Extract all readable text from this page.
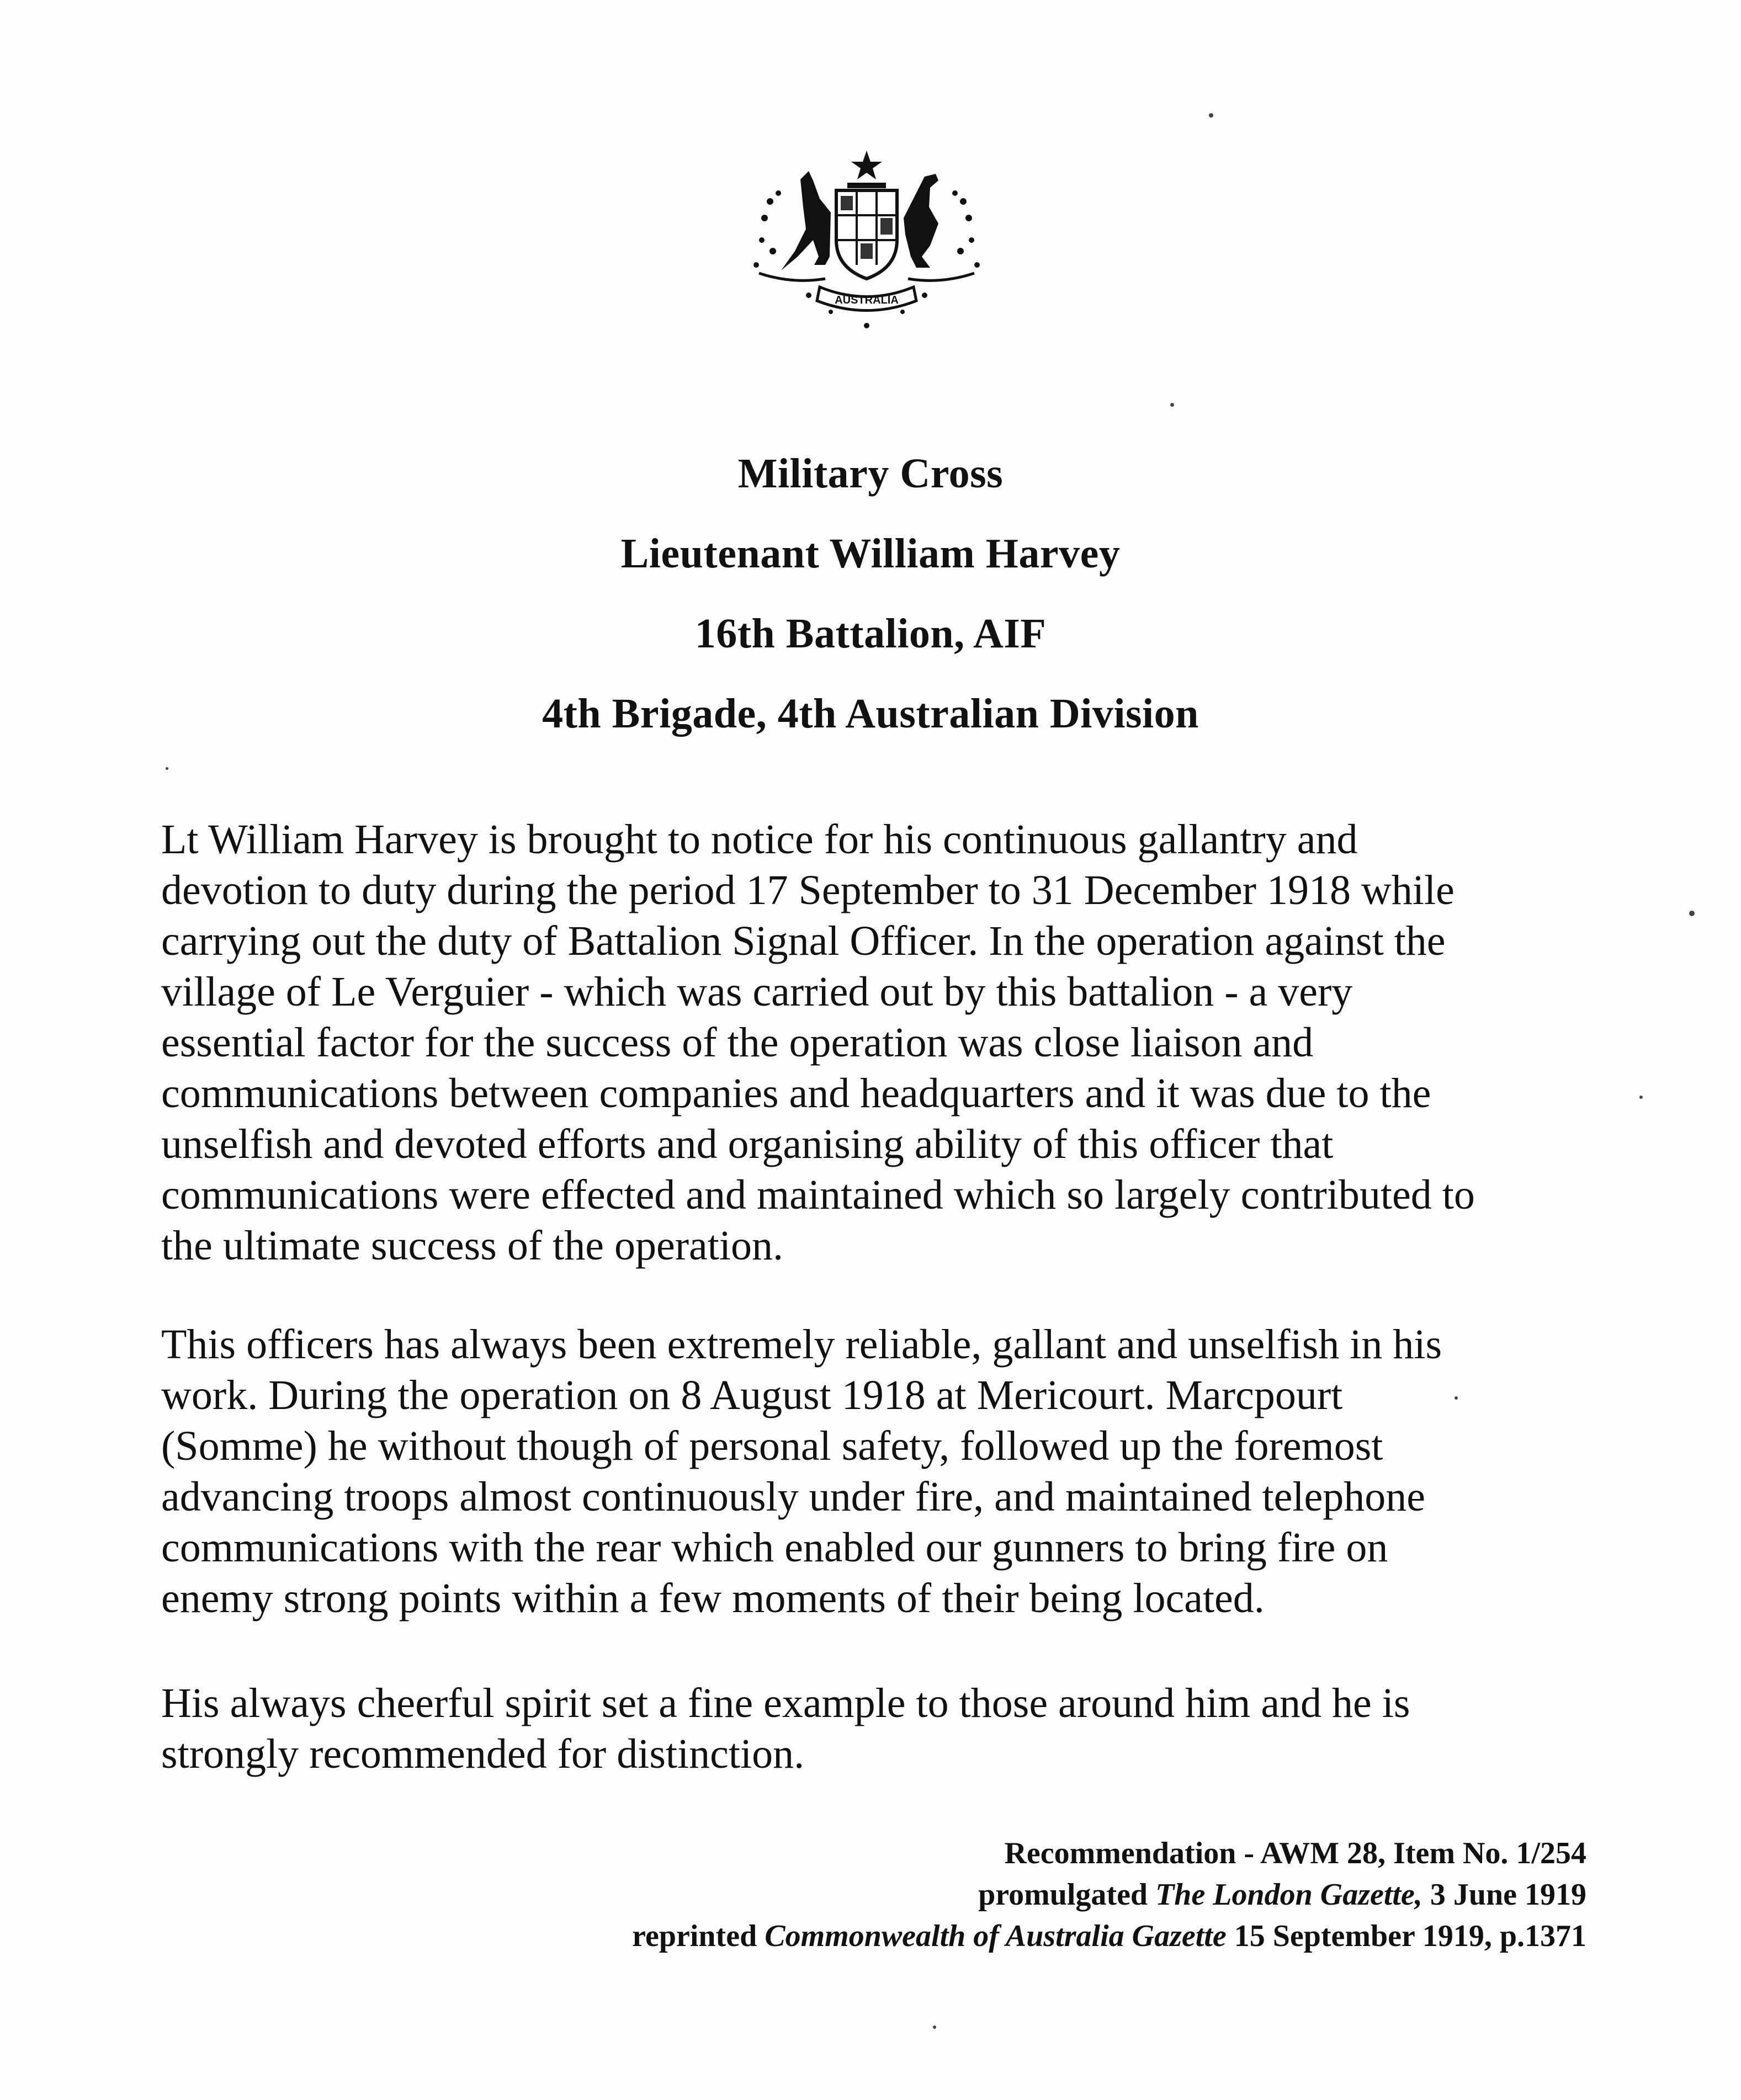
AUSTRALIA
Military Cross
Lieutenant William Harvey
16th Battalion, AIF
4th Brigade, 4th Australian Division

Lt William Harvey is brought to notice for his continuous gallantry and
devotion to duty during the period 17 September to 31 December 1918 while
carrying out the duty of Battalion Signal Officer. In the operation against the
village of Le Verguier - which was carried out by this battalion - a very
essential factor for the success of the operation was close liaison and
communications between companies and headquarters and it was due to the
unselfish and devoted efforts and organising ability of this officer that
communications were effected and maintained which so largely contributed to
the ultimate success of the operation.

This officers has always been extremely reliable, gallant and unselfish in his
work. During the operation on 8 August 1918 at Mericourt. Marcpourt
(Somme) he without though of personal safety, followed up the foremost
advancing troops almost continuously under fire, and maintained telephone
communications with the rear which enabled our gunners to bring fire on
enemy strong points within a few moments of their being located.

His always cheerful spirit set a fine example to those around him and he is
strongly recommended for distinction.

Recommendation - AWM 28, Item No. 1/254
promulgated The London Gazette, 3 June 1919
reprinted Commonwealth of Australia Gazette 15 September 1919, p.1371
